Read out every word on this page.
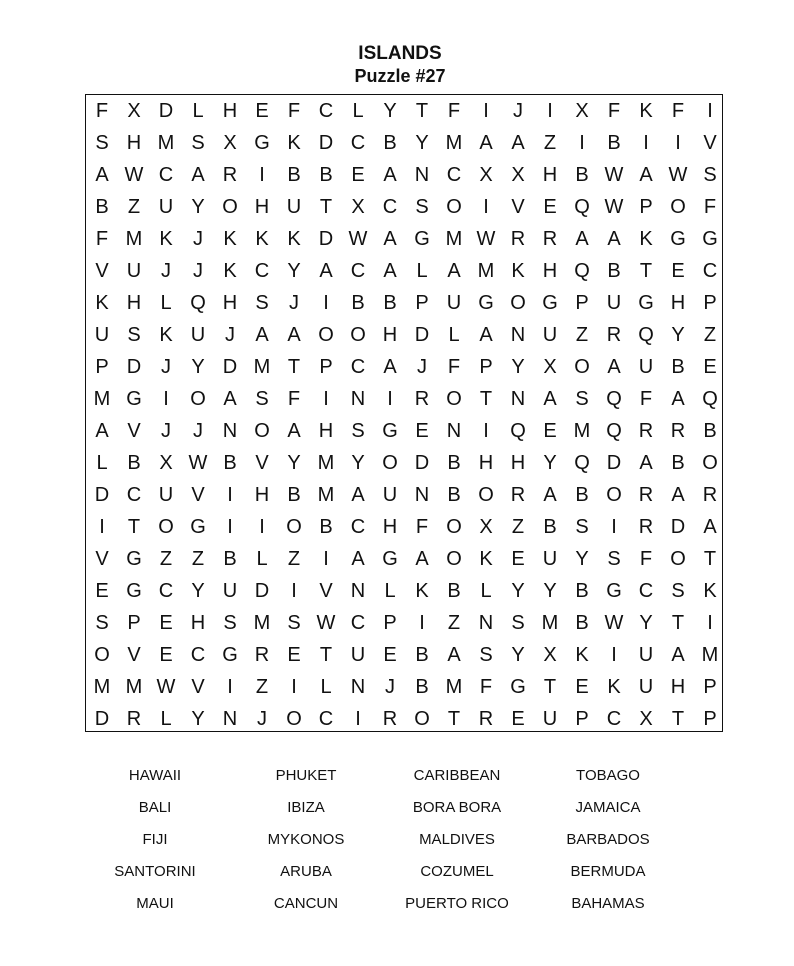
ISLANDS
Puzzle #27
F X D L H E F C L Y T F	I	J	I	X F K F	I
S H M S X G K D C B Y M A A Z	I	B	I	I	V
A W C A R	I	B B E A N C X X H B W A W S
B Z U Y O H U T X C S O	I	V E Q W P O F
F M K	J	K K K D W A G M W R R A A K G G
V U J	J	K C Y A C A L A M K H Q B T E C
K H L Q H S	J	I	B B P U G O G P U G H P
U S K U J	A A O O H D L A N U Z R Q Y Z
P D J	Y D M T P C A	J	F P Y X O A U B E
M G	I	O A S F	I	N	I	R O T N A S Q F A Q
A V	J	J N O A H S G E N	I	Q E M Q R R B
L B X W B V Y M Y O D B H H Y Q D A B O
D C U V	I	H B M A U N B O R A B O R A R
I	T O G	I	I	O B C H F O X Z B S	I	R D A
V G Z Z B L	Z	I	A G A O K E U Y S F O T
E G C Y U D	I	V N L K B L Y Y B G C S K
S P E H S M S W C P	I	Z N S M B W Y T	I
O V E C G R E T U E B A S Y X K	I	U A M
M M W V	I	Z	I	L N J	B M F G T E K U H P
D R L Y N J O C	I	R O T R E U P C X T P
HAWAII	PHUKET	CARIBBEAN	TOBAGO
BALI	IBIZA	BORA BORA	JAMAICA
FIJI	MYKONOS	MALDIVES	BARBADOS
SANTORINI	ARUBA	COZUMEL	BERMUDA
MAUI	CANCUN	PUERTO RICO	BAHAMAS
